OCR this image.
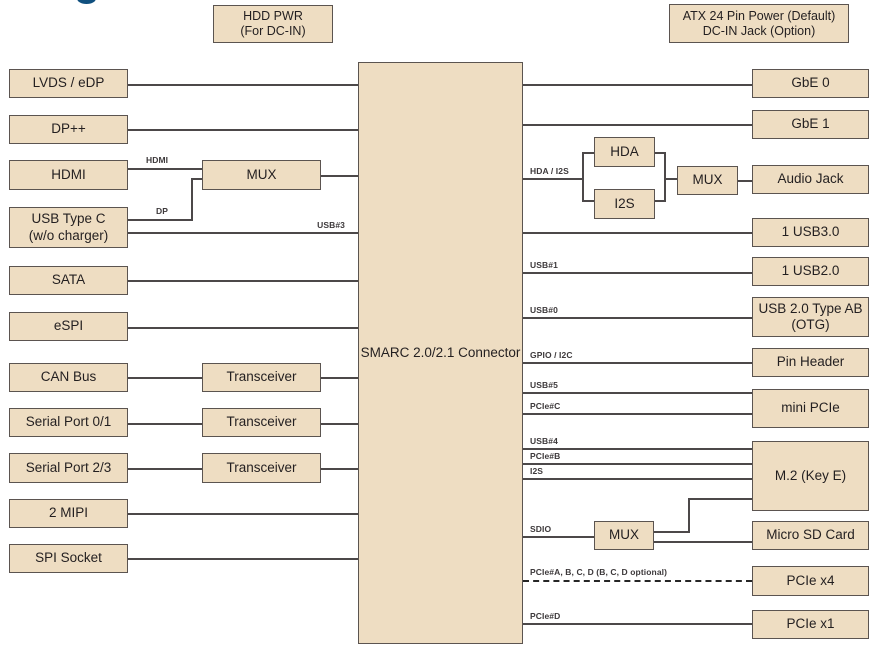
HDD PWR
(For DC-IN)
ATX 24 Pin Power (Default)
DC-IN Jack (Option)
SMARC 2.0/2.1 Connector
LVDS / eDP
DP++
HDMI
USB Type C
(w/o charger)
SATA
eSPI
CAN Bus
Serial Port 0/1
Serial Port 2/3
2 MIPI
SPI Socket
MUX
Transceiver
Transceiver
Transceiver
HDA
I2S
MUX
MUX
GbE 0
GbE 1
Audio Jack
1 USB3.0
1 USB2.0
USB 2.0 Type AB
(OTG)
Pin Header
mini PCIe
M.2 (Key E)
Micro SD Card
PCIe x4
PCIe x1
HDMI
DP
USB#3
HDA / I2S
USB#1
USB#0
GPIO / I2C
USB#5
PCIe#C
USB#4
PCIe#B
I2S
SDIO
PCIe#A, B, C, D (B, C, D optional)
PCIe#D
